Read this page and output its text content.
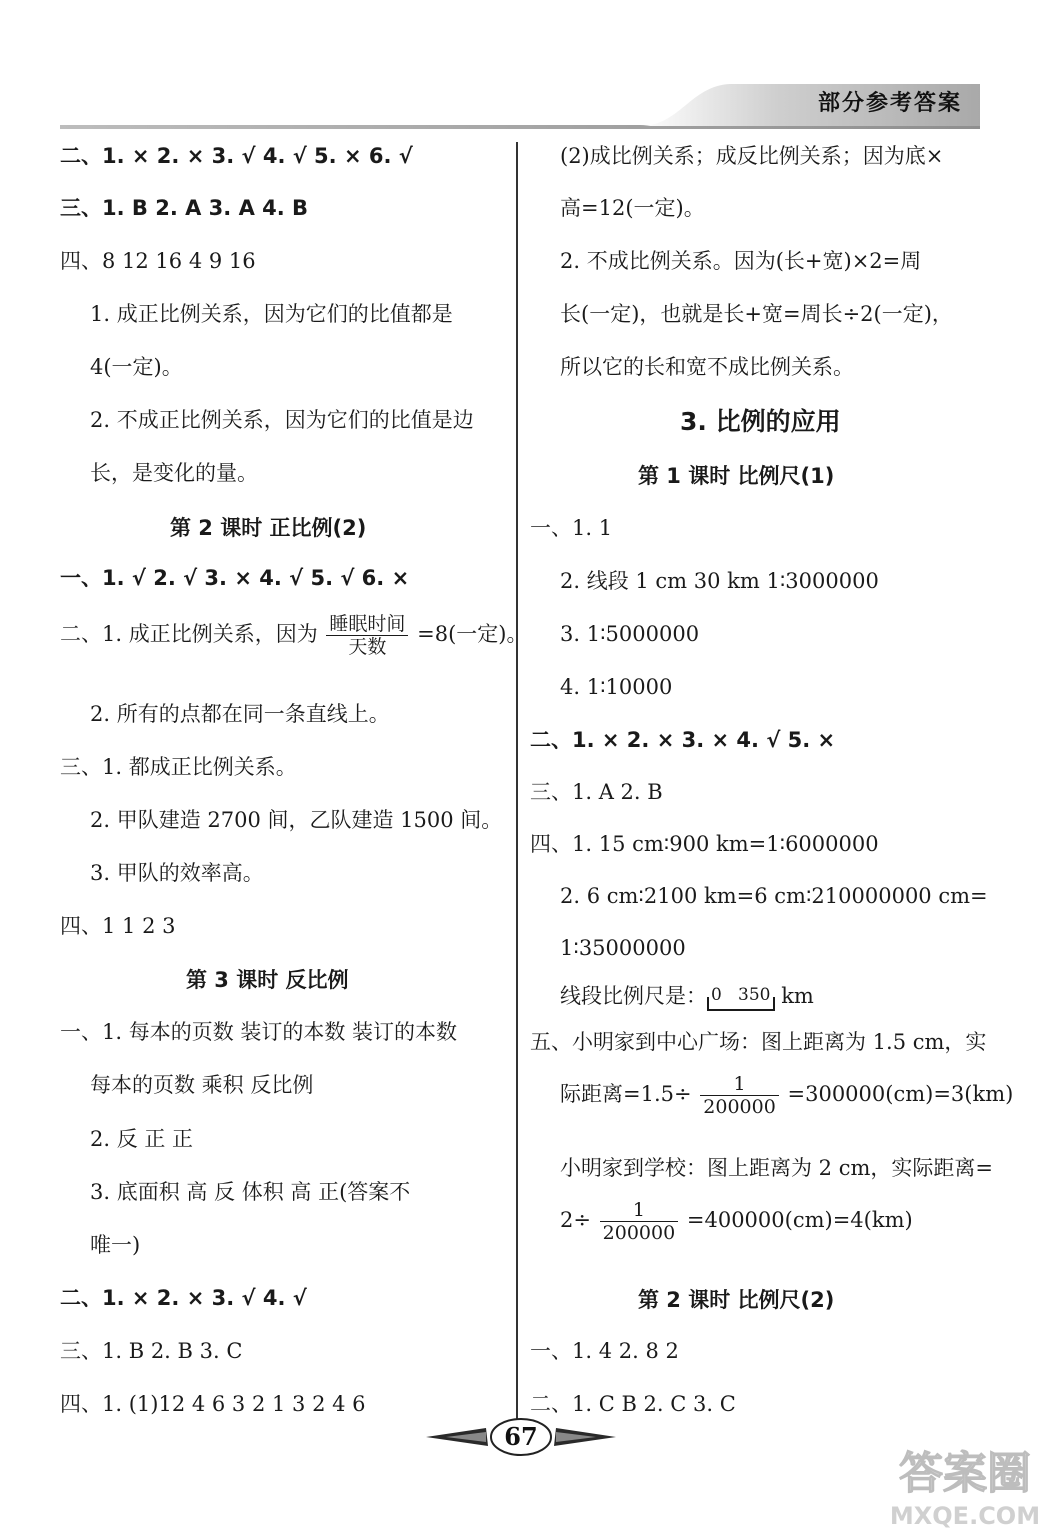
部分参考答案
二、1. × 2. × 3. √ 4. √ 5. × 6. √
三、1. B 2. A 3. A 4. B
四、8 12 16 4 9 16
1. 成正比例关系，因为它们的比值都是
4(一定)。
2. 不成正比例关系，因为它们的比值是边
长，是变化的量。
第 2 课时 正比例(2)
一、1. √ 2. √ 3. × 4. √ 5. √ 6. ×
二、1. 成正比例关系，因为 $\frac{\text{睡眠时间}}{\text{天数}} =8$(一定)。
2. 所有的点都在同一条直线上。
三、1. 都成正比例关系。
2. 甲队建造 2700 间，乙队建造 1500 间。
3. 甲队的效率高。
四、1 1 2 3
第 3 课时 反比例
一、1. 每本的页数 装订的本数 装订的本数
每本的页数 乘积 反比例
2. 反 正 正
3. 底面积 高 反 体积 高 正(答案不
唯一)
二、1. × 2. × 3. √ 4. √
三、1. B 2. B 3. C
四、1. (1)12 4 6 3 2 1 3 2 4 6
(2)成比例关系；成反比例关系；因为底×
高=12(一定)。
2. 不成比例关系。因为(长+宽)×2=周
长(一定)，也就是长+宽=周长÷2(一定)，
所以它的长和宽不成比例关系。
3. 比例的应用
第 1 课时 比例尺(1)
一、1. 1
2. 线段 1 cm 30 km 1∶3000000
3. 1∶5000000
4. 1∶10000
二、1. × 2. × 3. × 4. √ 5. ×
三、1. A 2. B
四、1. 15 cm∶900 km=1∶6000000
2. 6 cm∶2100 km=6 cm∶210000000 cm=
1∶35000000
线段比例尺是： 0 350 km
五、小明家到中心广场：图上距离为 1.5 cm，实
际距离$=1.5\div \frac{1}{200000} =300000(cm)=3(km)$
小明家到学校：图上距离为 2 cm，实际距离=
$2\div \frac{1}{200000} =400000(cm)=4(km)$
第 2 课时 比例尺(2)
一、1. 4 2. 8 2
二、1. C B 2. C 3. C
67
答案圈
MXQE.COM
